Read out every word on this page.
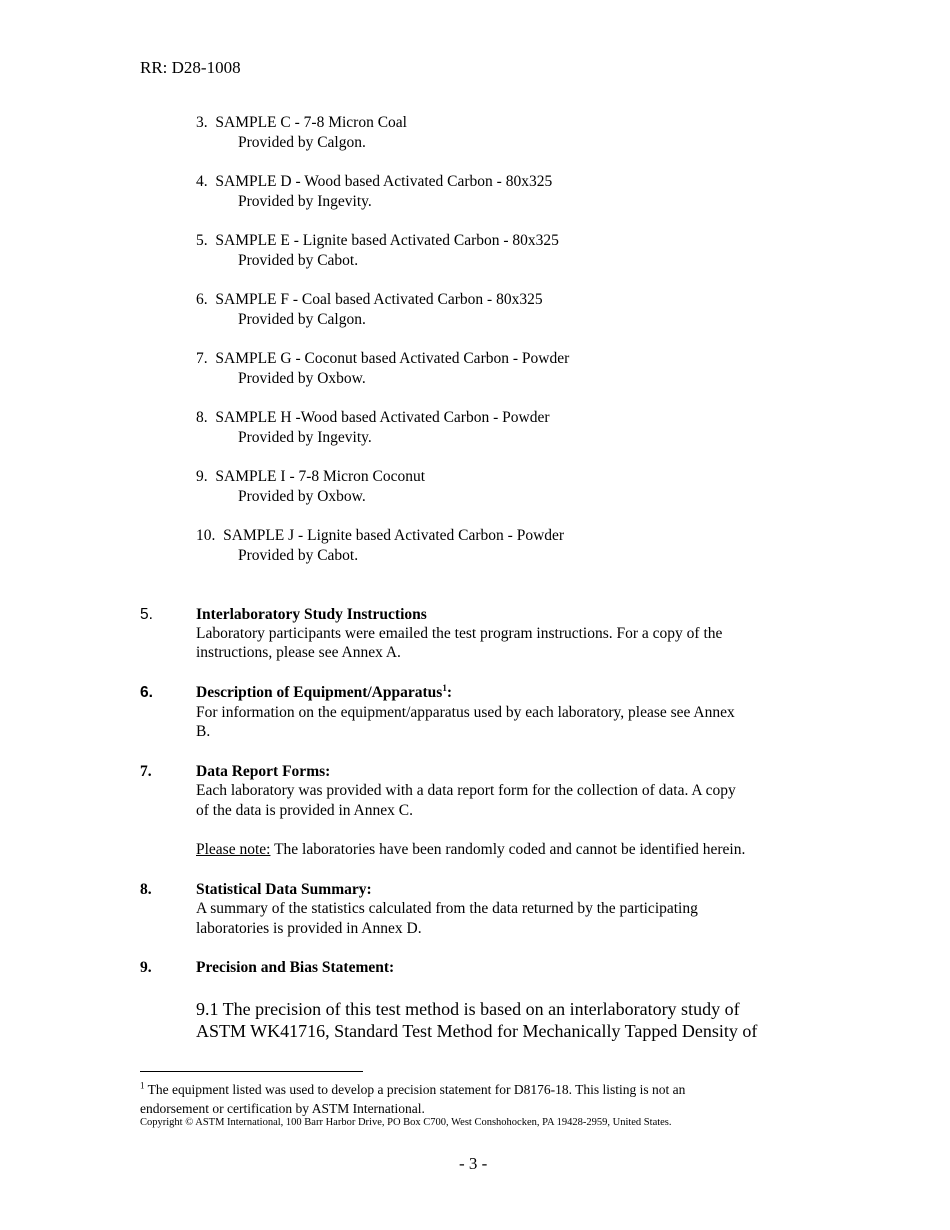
RR: D28-1008
3. SAMPLE C - 7-8 Micron Coal
Provided by Calgon.
4. SAMPLE D - Wood based Activated Carbon - 80x325
Provided by Ingevity.
5. SAMPLE E - Lignite based Activated Carbon - 80x325
Provided by Cabot.
6. SAMPLE F - Coal based Activated Carbon - 80x325
Provided by Calgon.
7. SAMPLE G - Coconut based Activated Carbon - Powder
Provided by Oxbow.
8. SAMPLE H -Wood based Activated Carbon - Powder
Provided by Ingevity.
9. SAMPLE I - 7-8 Micron Coconut
Provided by Oxbow.
10. SAMPLE J - Lignite based Activated Carbon - Powder
Provided by Cabot.
5.	Interlaboratory Study Instructions
Laboratory participants were emailed the test program instructions. For a copy of the
instructions, please see Annex A.
6.	Description of Equipment/Apparatus$^1$:
For information on the equipment/apparatus used by each laboratory, please see Annex
B.
7.	Data Report Forms:
Each laboratory was provided with a data report form for the collection of data. A copy
of the data is provided in Annex C.
Please note: The laboratories have been randomly coded and cannot be identified herein.
8.	Statistical Data Summary:
A summary of the statistics calculated from the data returned by the participating
laboratories is provided in Annex D.
9.	Precision and Bias Statement:
9.1 The precision of this test method is based on an interlaboratory study of
ASTM WK41716, Standard Test Method for Mechanically Tapped Density of
$^1$ The equipment listed was used to develop a precision statement for D8176-18. This listing is not an
endorsement or certification by ASTM International.
Copyright © ASTM International, 100 Barr Harbor Drive, PO Box C700, West Conshohocken, PA 19428-2959, United States.
- 3 -
